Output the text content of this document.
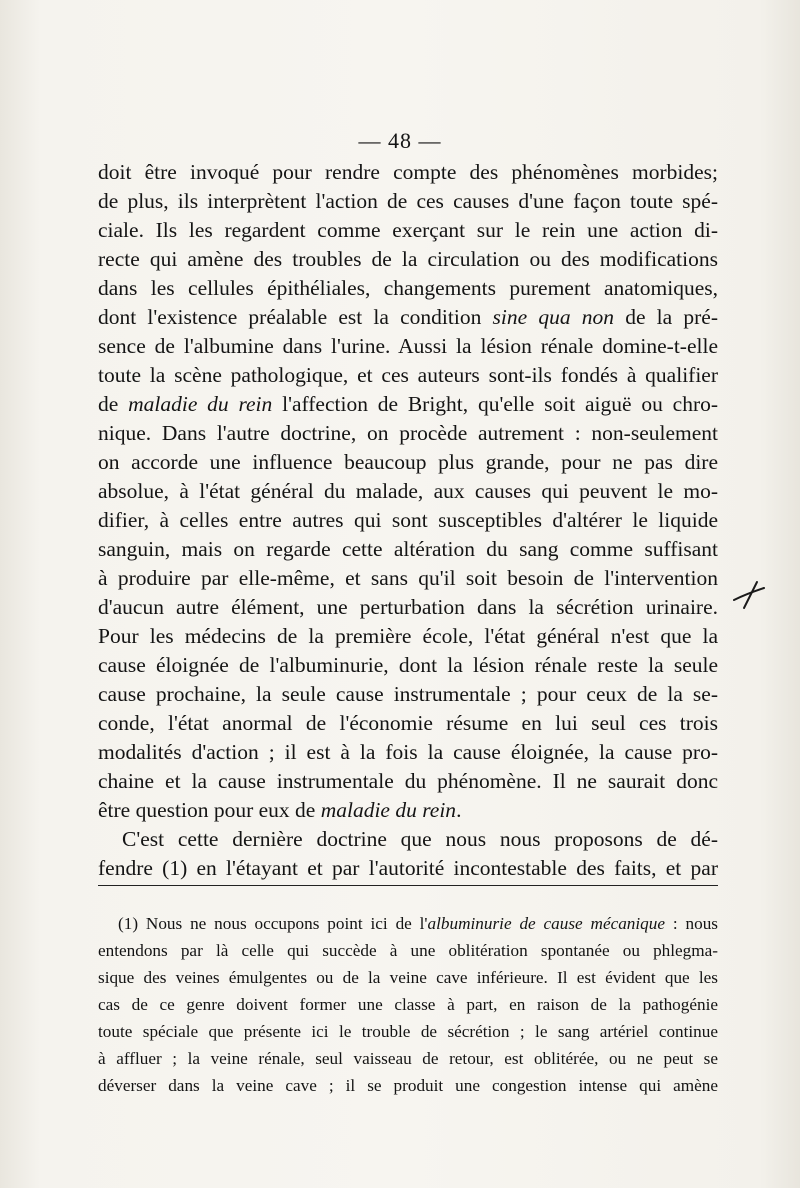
— 48 —
doit être invoqué pour rendre compte des phénomènes morbides;
de plus, ils interprètent l'action de ces causes d'une façon toute spé-
ciale. Ils les regardent comme exerçant sur le rein une action di-
recte qui amène des troubles de la circulation ou des modifications
dans les cellules épithéliales, changements purement anatomiques,
dont l'existence préalable est la condition sine qua non de la pré-
sence de l'albumine dans l'urine. Aussi la lésion rénale domine-t-elle
toute la scène pathologique, et ces auteurs sont-ils fondés à qualifier
de maladie du rein l'affection de Bright, qu'elle soit aiguë ou chro-
nique. Dans l'autre doctrine, on procède autrement : non-seulement
on accorde une influence beaucoup plus grande, pour ne pas dire
absolue, à l'état général du malade, aux causes qui peuvent le mo-
difier, à celles entre autres qui sont susceptibles d'altérer le liquide
sanguin, mais on regarde cette altération du sang comme suffisant
à produire par elle-même, et sans qu'il soit besoin de l'intervention
d'aucun autre élément, une perturbation dans la sécrétion urinaire.
Pour les médecins de la première école, l'état général n'est que la
cause éloignée de l'albuminurie, dont la lésion rénale reste la seule
cause prochaine, la seule cause instrumentale ; pour ceux de la se-
conde, l'état anormal de l'économie résume en lui seul ces trois
modalités d'action ; il est à la fois la cause éloignée, la cause pro-
chaine et la cause instrumentale du phénomène. Il ne saurait donc
être question pour eux de maladie du rein.
C'est cette dernière doctrine que nous nous proposons de dé-
fendre (1) en l'étayant et par l'autorité incontestable des faits, et par
(1) Nous ne nous occupons point ici de l'albuminurie de cause mécanique : nous
entendons par là celle qui succède à une oblitération spontanée ou phlegma-
sique des veines émulgentes ou de la veine cave inférieure. Il est évident que les
cas de ce genre doivent former une classe à part, en raison de la pathogénie
toute spéciale que présente ici le trouble de sécrétion ; le sang artériel continue
à affluer ; la veine rénale, seul vaisseau de retour, est oblitérée, ou ne peut se
déverser dans la veine cave ; il se produit une congestion intense qui amène
